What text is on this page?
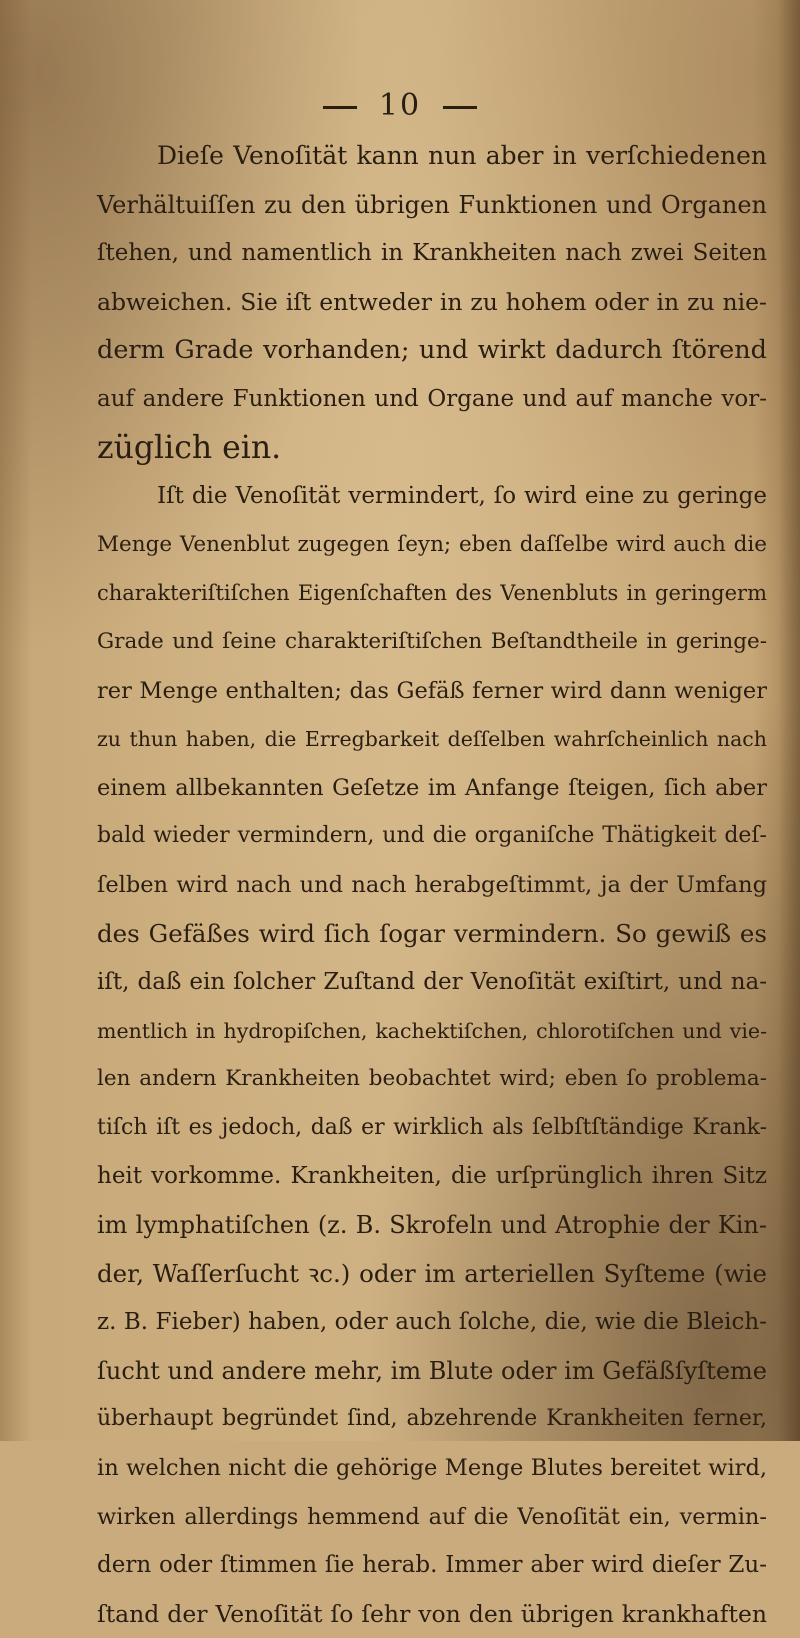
10
Dieſe Venoſität kann nun aber in verſchiedenen
Verhältuiſſen zu den übrigen Funktionen und Organen
ſtehen, und namentlich in Krankheiten nach zwei Seiten
abweichen. Sie iſt entweder in zu hohem oder in zu nie-
derm Grade vorhanden; und wirkt dadurch ſtörend
auf andere Funktionen und Organe und auf manche vor-
züglich ein.
Iſt die Venoſität vermindert, ſo wird eine zu geringe
Menge Venenblut zugegen ſeyn; eben daſſelbe wird auch die
charakteriſtiſchen Eigenſchaften des Venenbluts in geringerm
Grade und ſeine charakteriſtiſchen Beſtandtheile in geringe-
rer Menge enthalten; das Gefäß ferner wird dann weniger
zu thun haben, die Erregbarkeit deſſelben wahrſcheinlich nach
einem allbekannten Geſetze im Anfange ſteigen, ſich aber
bald wieder vermindern, und die organiſche Thätigkeit deſ-
ſelben wird nach und nach herabgeſtimmt, ja der Umfang
des Gefäßes wird ſich ſogar vermindern. So gewiß es
iſt, daß ein ſolcher Zuſtand der Venoſität exiſtirt, und na-
mentlich in hydropiſchen, kachektiſchen, chlorotiſchen und vie-
len andern Krankheiten beobachtet wird; eben ſo problema-
tiſch iſt es jedoch, daß er wirklich als ſelbſtſtändige Krank-
heit vorkomme. Krankheiten, die urſprünglich ihren Sitz
im lymphatiſchen (z. B. Skrofeln und Atrophie der Kin-
der, Waſſerſucht ꝛc.) oder im arteriellen Syſteme (wie
z. B. Fieber) haben, oder auch ſolche, die, wie die Bleich-
ſucht und andere mehr, im Blute oder im Gefäßſyſteme
überhaupt begründet ſind, abzehrende Krankheiten ferner,
in welchen nicht die gehörige Menge Blutes bereitet wird,
wirken allerdings hemmend auf die Venoſität ein, vermin-
dern oder ſtimmen ſie herab. Immer aber wird dieſer Zu-
ſtand der Venoſität ſo ſehr von den übrigen krankhaften
